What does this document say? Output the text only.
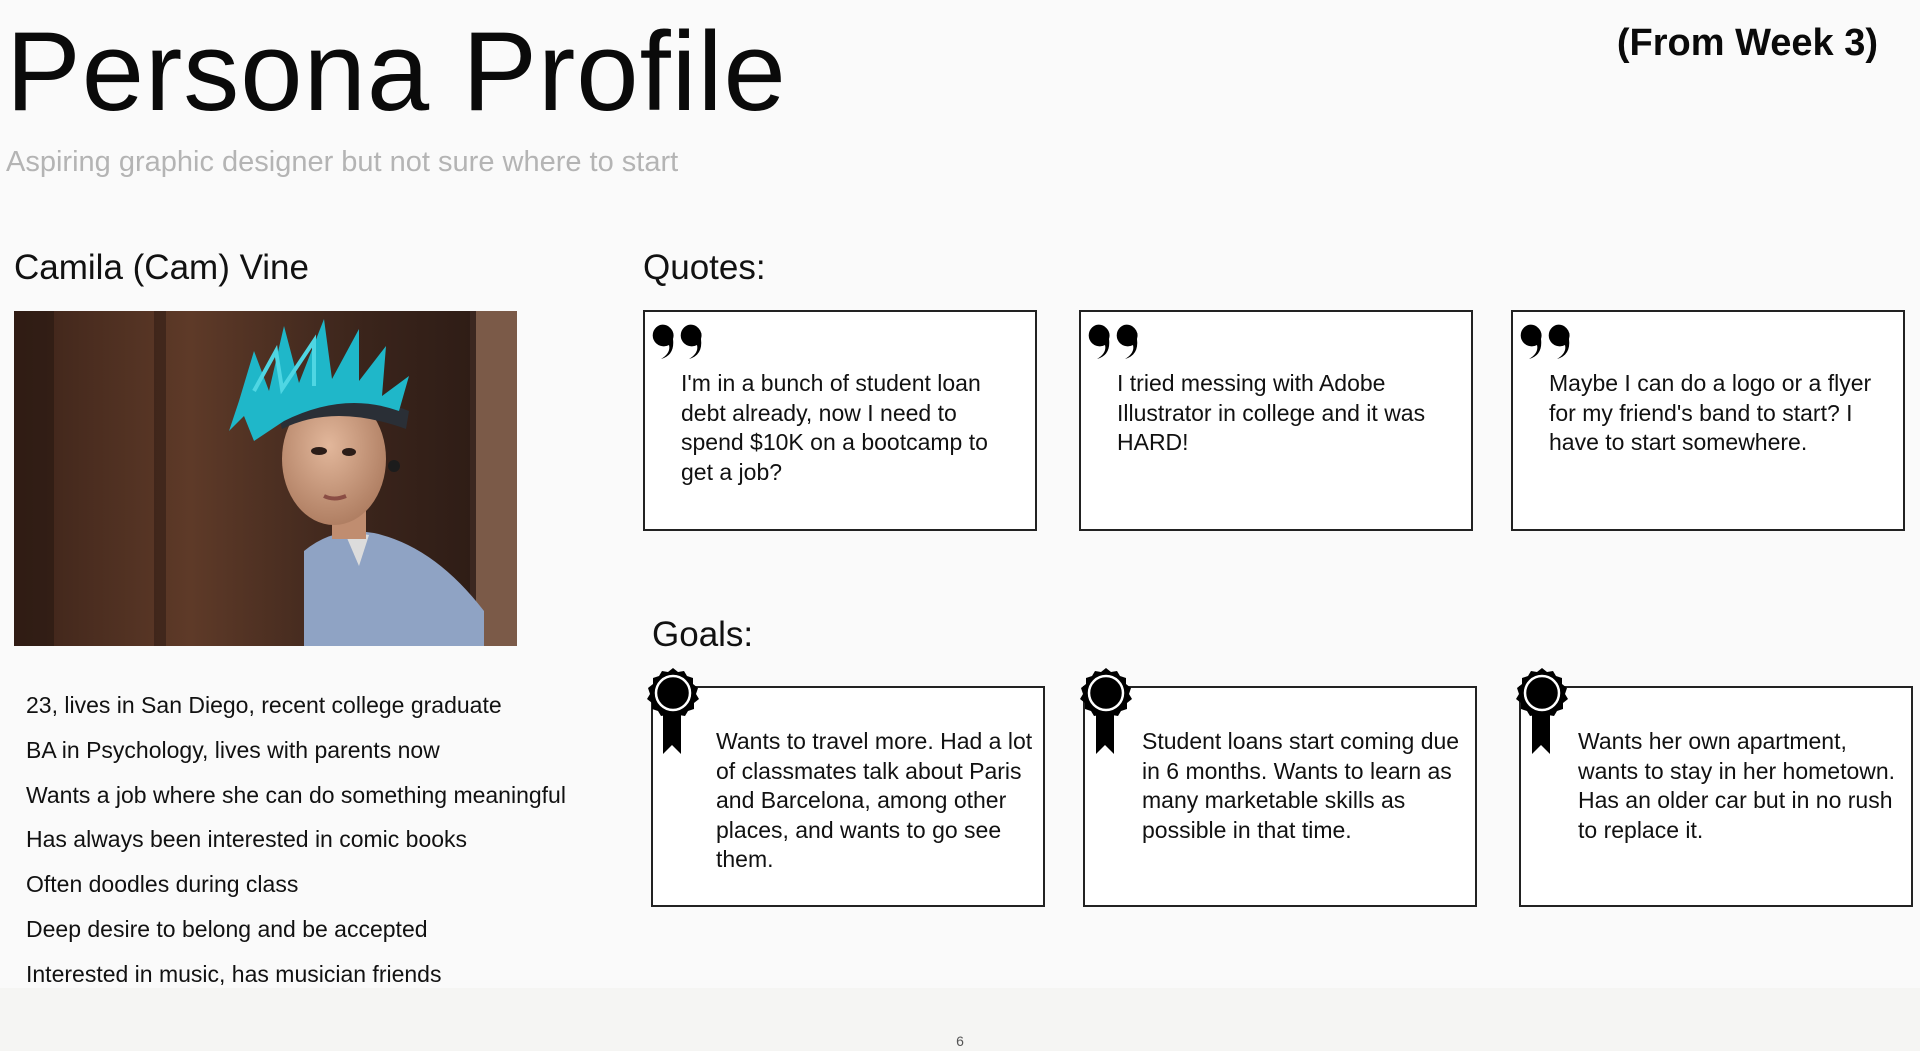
Persona Profile	(From Week 3)
Aspiring graphic designer but not sure where to start
Camila (Cam) Vine
23, lives in San Diego, recent college graduate
BA in Psychology, lives with parents now
Wants a job where she can do something meaningful
Has always been interested in comic books
Often doodles during class
Deep desire to belong and be accepted
Interested in music, has musician friends
Quotes:
I'm in a bunch of student loan debt already, now I need to spend $10K on a bootcamp to get a job?
I tried messing with Adobe Illustrator in college and it was HARD!
Maybe I can do a logo or a flyer for my friend's band to start? I have to start somewhere.
Goals:
Wants to travel more. Had a lot of classmates talk about Paris and Barcelona, among other places, and wants to go see them.
Student loans start coming due in 6 months. Wants to learn as many marketable skills as possible in that time.
Wants her own apartment, wants to stay in her hometown. Has an older car but in no rush to replace it.
6
